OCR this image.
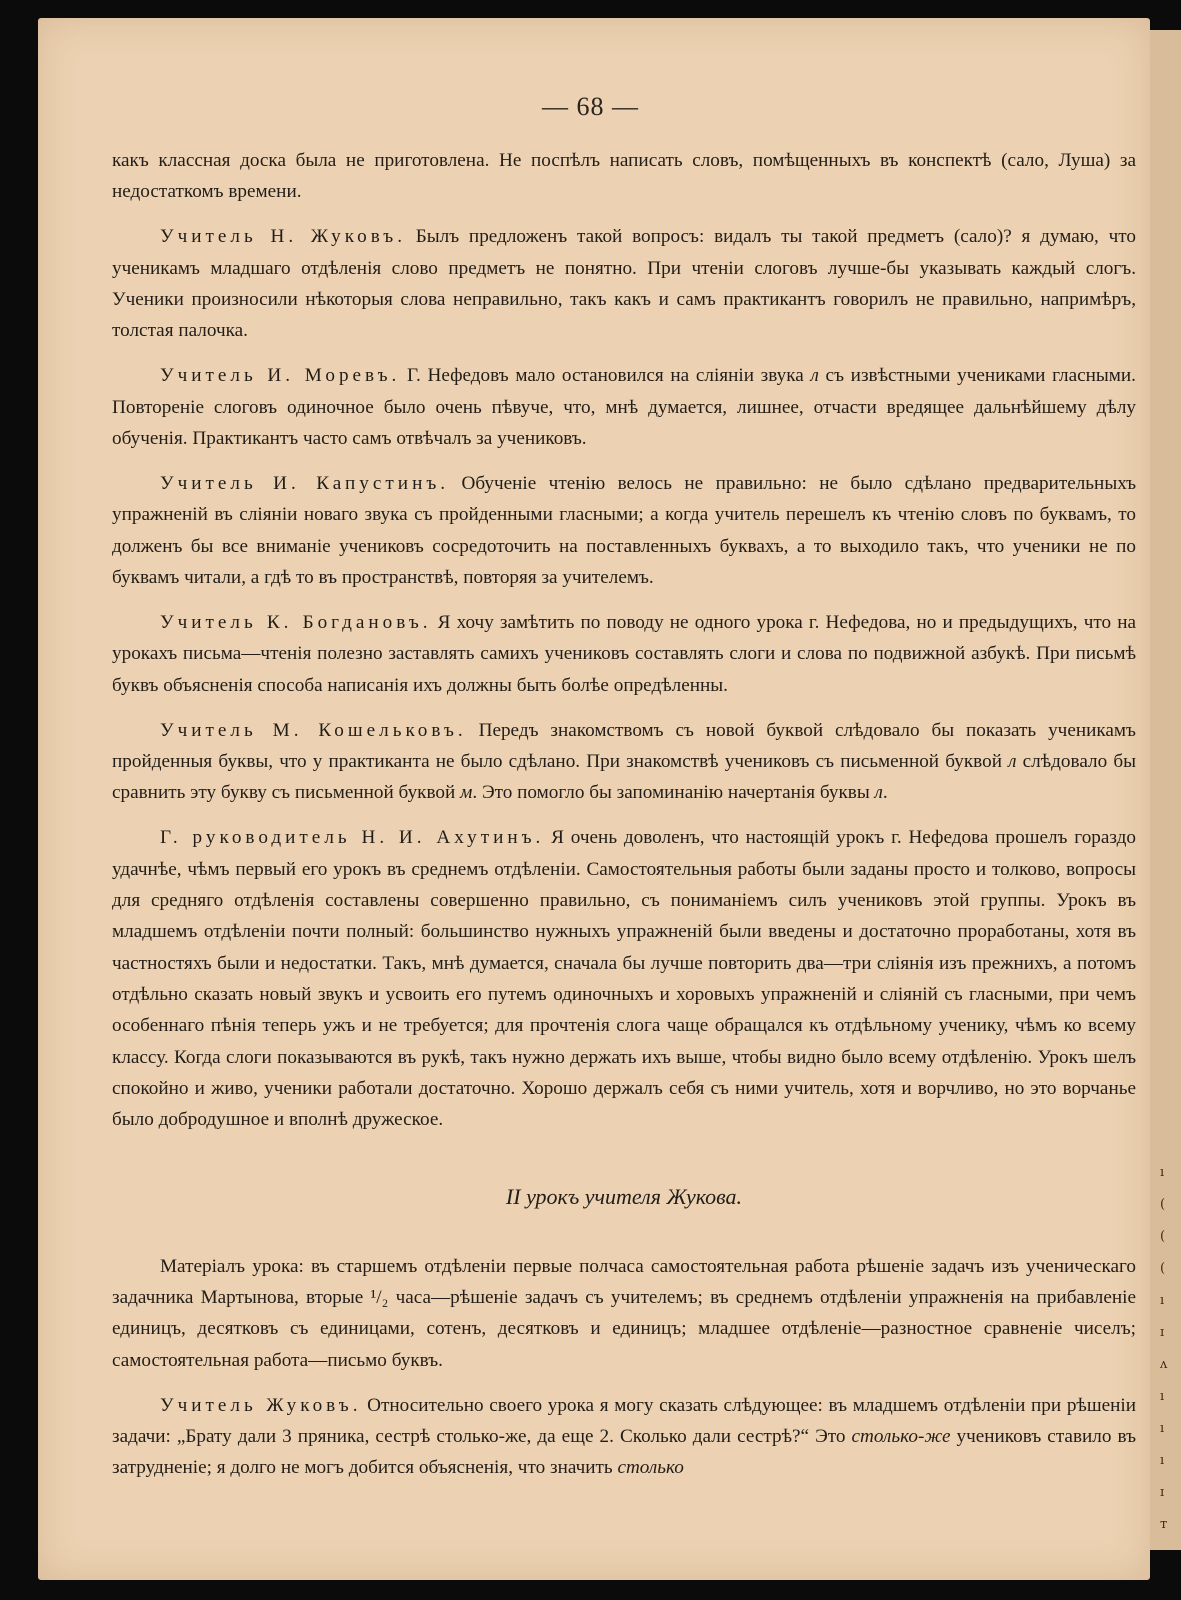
— 68 —

какъ классная доска была не приготовлена. Не поспѣлъ написать словъ, помѣщенныхъ въ конспектѣ (сало, Луша) за недостаткомъ времени.

Учитель Н. Жуковъ. Былъ предложенъ такой вопросъ: видалъ ты такой предметъ (сало)? я думаю, что ученикамъ младшаго отдѣленія слово предметъ не понятно. При чтеніи слоговъ лучше-бы указывать каждый слогъ. Ученики произносили нѣкоторыя слова неправильно, такъ какъ и самъ практикантъ говорилъ не правильно, напримѣръ, толстая палочка.

Учитель И. Моревъ. Г. Нефедовъ мало остановился на сліяніи звука л съ извѣстными учениками гласными. Повтореніе слоговъ одиночное было очень пѣвуче, что, мнѣ думается, лишнее, отчасти вредящее дальнѣйшему дѣлу обученія. Практикантъ часто самъ отвѣчалъ за учениковъ.

Учитель И. Капустинъ. Обученіе чтенію велось не правильно: не было сдѣлано предварительныхъ упражненій въ сліяніи новаго звука съ пройденными гласными; а когда учитель перешелъ къ чтенію словъ по буквамъ, то долженъ бы все вниманіе учениковъ сосредоточить на поставленныхъ буквахъ, а то выходило такъ, что ученики не по буквамъ читали, а гдѣ то въ пространствѣ, повторяя за учителемъ.

Учитель К. Богдановъ. Я хочу замѣтить по поводу не одного урока г. Нефедова, но и предыдущихъ, что на урокахъ письма—чтенія полезно заставлять самихъ учениковъ составлять слоги и слова по подвижной азбукѣ. При письмѣ буквъ объясненія способа написанія ихъ должны быть болѣе опредѣленны.

Учитель М. Кошельковъ. Передъ знакомствомъ съ новой буквой слѣдовало бы показать ученикамъ пройденныя буквы, что у практиканта не было сдѣлано. При знакомствѣ учениковъ съ письменной буквой л слѣдовало бы сравнить эту букву съ письменной буквой м. Это помогло бы запоминанію начертанія буквы л.

Г. руководитель Н. И. Ахутинъ. Я очень доволенъ, что настоящій урокъ г. Нефедова прошелъ гораздо удачнѣе, чѣмъ первый его урокъ въ среднемъ отдѣленіи. Самостоятельныя работы были заданы просто и толково, вопросы для средняго отдѣленія составлены совершенно правильно, съ пониманіемъ силъ учениковъ этой группы. Урокъ въ младшемъ отдѣленіи почти полный: большинство нужныхъ упражненій были введены и достаточно проработаны, хотя въ частностяхъ были и недостатки. Такъ, мнѣ думается, сначала бы лучше повторить два—три сліянія изъ прежнихъ, а потомъ отдѣльно сказать новый звукъ и усвоить его путемъ одиночныхъ и хоровыхъ упражненій и сліяній съ гласными, при чемъ особеннаго пѣнія теперь ужъ и не требуется; для прочтенія слога чаще обращался къ отдѣльному ученику, чѣмъ ко всему классу. Когда слоги показываются въ рукѣ, такъ нужно держать ихъ выше, чтобы видно было всему отдѣленію. Урокъ шелъ спокойно и живо, ученики работали достаточно. Хорошо держалъ себя съ ними учитель, хотя и ворчливо, но это ворчанье было добродушное и вполнѣ дружеское.

II урокъ учителя Жукова.

Матеріалъ урока: въ старшемъ отдѣленіи первые полчаса самостоятельная работа рѣшеніе задачъ изъ ученическаго задачника Мартынова, вторые ¹/₂ часа—рѣшеніе задачъ съ учителемъ; въ среднемъ отдѣленіи упражненія на прибавленіе единицъ, десятковъ съ единицами, сотенъ, десятковъ и единицъ; младшее отдѣленіе—разностное сравненіе чиселъ; самостоятельная работа—письмо буквъ.

Учитель Жуковъ. Относительно своего урока я могу сказать слѣдующее: въ младшемъ отдѣленіи при рѣшеніи задачи: „Брату дали 3 пряника, сестрѣ столько-же, да еще 2. Сколько дали сестрѣ?“ Это столько-же учениковъ ставило въ затрудненіе; я долго не могъ добится объясненія, что значить столько

ı
(
(
(
ı
ɪ
ʌ
ı
ı
ı
ɪ
т
